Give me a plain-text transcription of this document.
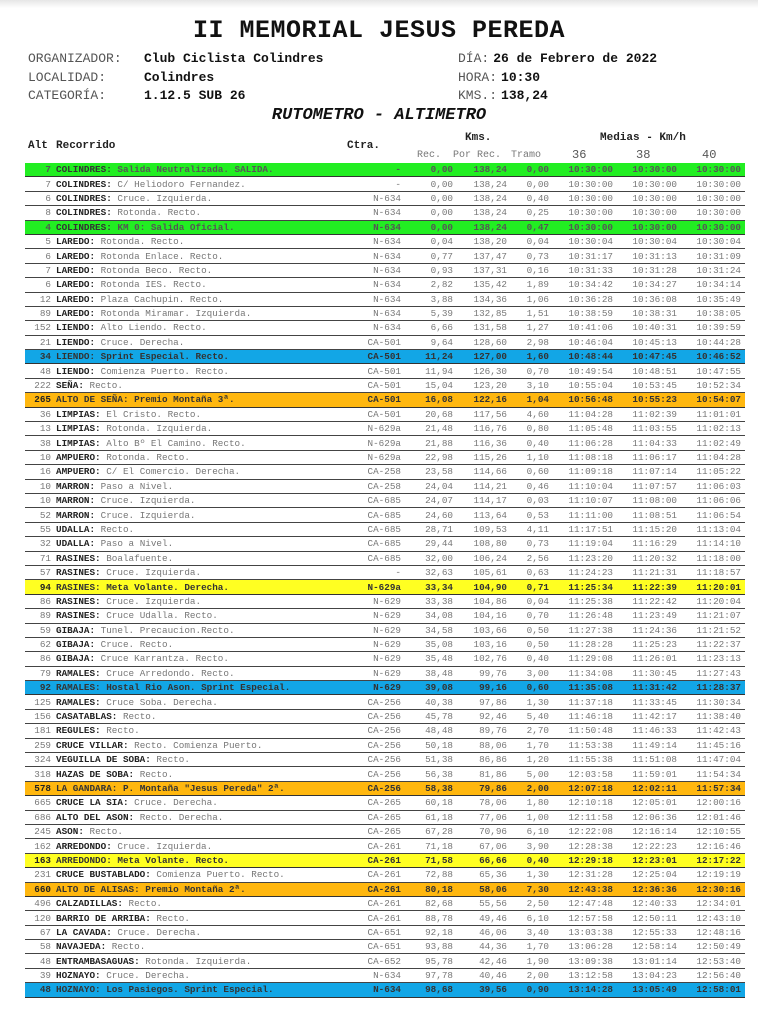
II MEMORIAL JESUS PEREDA
ORGANIZADOR:	Club Ciclista Colindres
LOCALIDAD:	Colindres
CATEGORÍA:	1.12.5 SUB 26
DÍA: 26 de Febrero de 2022
HORA: 10:30
KMS.: 138,24
RUTOMETRO - ALTIMETRO
Alt Recorrido	Ctra.
Kms.	Medias - Km/h
Rec. Por Rec. Tramo	36	38	40
7	COLINDRES: Salida Neutralizada. SALIDA.	-	0,00	138,24	0,00	10:30:00	10:30:00	10:30:00
7	COLINDRES: C/ Heliodoro Fernandez.	-	0,00	138,24	0,00	10:30:00	10:30:00	10:30:00
6	COLINDRES: Cruce. Izquierda.	N-634	0,00	138,24	0,40	10:30:00	10:30:00	10:30:00
8	COLINDRES: Rotonda. Recto.	N-634	0,00	138,24	0,25	10:30:00	10:30:00	10:30:00
4	COLINDRES: KM 0: Salida Oficial.	N-634	0,00	138,24	0,47	10:30:00	10:30:00	10:30:00
5	LAREDO: Rotonda. Recto.	N-634	0,04	138,20	0,04	10:30:04	10:30:04	10:30:04
6	LAREDO: Rotonda Enlace. Recto.	N-634	0,77	137,47	0,73	10:31:17	10:31:13	10:31:09
7	LAREDO: Rotonda Beco. Recto.	N-634	0,93	137,31	0,16	10:31:33	10:31:28	10:31:24
6	LAREDO: Rotonda IES. Recto.	N-634	2,82	135,42	1,89	10:34:42	10:34:27	10:34:14
12	LAREDO: Plaza Cachupin. Recto.	N-634	3,88	134,36	1,06	10:36:28	10:36:08	10:35:49
89	LAREDO: Rotonda Miramar. Izquierda.	N-634	5,39	132,85	1,51	10:38:59	10:38:31	10:38:05
152	LIENDO: Alto Liendo. Recto.	N-634	6,66	131,58	1,27	10:41:06	10:40:31	10:39:59
21	LIENDO: Cruce. Derecha.	CA-501	9,64	128,60	2,98	10:46:04	10:45:13	10:44:28
34	LIENDO: Sprint Especial. Recto.	CA-501	11,24	127,00	1,60	10:48:44	10:47:45	10:46:52
48	LIENDO: Comienza Puerto. Recto.	CA-501	11,94	126,30	0,70	10:49:54	10:48:51	10:47:55
222	SEÑA: Recto.	CA-501	15,04	123,20	3,10	10:55:04	10:53:45	10:52:34
265	ALTO DE SEÑA: Premio Montaña 3ª.	CA-501	16,08	122,16	1,04	10:56:48	10:55:23	10:54:07
36	LIMPIAS: El Cristo. Recto.	CA-501	20,68	117,56	4,60	11:04:28	11:02:39	11:01:01
13	LIMPIAS: Rotonda. Izquierda.	N-629a	21,48	116,76	0,80	11:05:48	11:03:55	11:02:13
38	LIMPIAS: Alto Bº El Camino. Recto.	N-629a	21,88	116,36	0,40	11:06:28	11:04:33	11:02:49
10	AMPUERO: Rotonda. Recto.	N-629a	22,98	115,26	1,10	11:08:18	11:06:17	11:04:28
16	AMPUERO: C/ El Comercio. Derecha.	CA-258	23,58	114,66	0,60	11:09:18	11:07:14	11:05:22
10	MARRON: Paso a Nivel.	CA-258	24,04	114,21	0,46	11:10:04	11:07:57	11:06:03
10	MARRON: Cruce. Izquierda.	CA-685	24,07	114,17	0,03	11:10:07	11:08:00	11:06:06
52	MARRON: Cruce. Izquierda.	CA-685	24,60	113,64	0,53	11:11:00	11:08:51	11:06:54
55	UDALLA: Recto.	CA-685	28,71	109,53	4,11	11:17:51	11:15:20	11:13:04
32	UDALLA: Paso a Nivel.	CA-685	29,44	108,80	0,73	11:19:04	11:16:29	11:14:10
71	RASINES: Boalafuente.	CA-685	32,00	106,24	2,56	11:23:20	11:20:32	11:18:00
57	RASINES: Cruce. Izquierda.	-	32,63	105,61	0,63	11:24:23	11:21:31	11:18:57
94	RASINES: Meta Volante. Derecha.	N-629a	33,34	104,90	0,71	11:25:34	11:22:39	11:20:01
86	RASINES: Cruce. Izquierda.	N-629	33,38	104,86	0,04	11:25:38	11:22:42	11:20:04
89	RASINES: Cruce Udalla. Recto.	N-629	34,08	104,16	0,70	11:26:48	11:23:49	11:21:07
59	GIBAJA: Tunel. Precaucion.Recto.	N-629	34,58	103,66	0,50	11:27:38	11:24:36	11:21:52
62	GIBAJA: Cruce. Recto.	N-629	35,08	103,16	0,50	11:28:28	11:25:23	11:22:37
86	GIBAJA: Cruce Karrantza. Recto.	N-629	35,48	102,76	0,40	11:29:08	11:26:01	11:23:13
79	RAMALES: Cruce Arredondo. Recto.	N-629	38,48	99,76	3,00	11:34:08	11:30:45	11:27:43
92	RAMALES: Hostal Rio Ason. Sprint Especial.	N-629	39,08	99,16	0,60	11:35:08	11:31:42	11:28:37
125	RAMALES: Cruce Soba. Derecha.	CA-256	40,38	97,86	1,30	11:37:18	11:33:45	11:30:34
156	CASATABLAS: Recto.	CA-256	45,78	92,46	5,40	11:46:18	11:42:17	11:38:40
181	REGULES: Recto.	CA-256	48,48	89,76	2,70	11:50:48	11:46:33	11:42:43
259	CRUCE VILLAR: Recto. Comienza Puerto.	CA-256	50,18	88,06	1,70	11:53:38	11:49:14	11:45:16
324	VEGUILLA DE SOBA: Recto.	CA-256	51,38	86,86	1,20	11:55:38	11:51:08	11:47:04
318	HAZAS DE SOBA: Recto.	CA-256	56,38	81,86	5,00	12:03:58	11:59:01	11:54:34
578	LA GANDARA: P. Montaña "Jesus Pereda" 2ª.	CA-256	58,38	79,86	2,00	12:07:18	12:02:11	11:57:34
665	CRUCE LA SIA: Cruce. Derecha.	CA-265	60,18	78,06	1,80	12:10:18	12:05:01	12:00:16
686	ALTO DEL ASON: Recto. Derecha.	CA-265	61,18	77,06	1,00	12:11:58	12:06:36	12:01:46
245	ASON: Recto.	CA-265	67,28	70,96	6,10	12:22:08	12:16:14	12:10:55
162	ARREDONDO: Cruce. Izquierda.	CA-261	71,18	67,06	3,90	12:28:38	12:22:23	12:16:46
163	ARREDONDO: Meta Volante. Recto.	CA-261	71,58	66,66	0,40	12:29:18	12:23:01	12:17:22
231	CRUCE BUSTABLADO: Comienza Puerto. Recto.	CA-261	72,88	65,36	1,30	12:31:28	12:25:04	12:19:19
660	ALTO DE ALISAS: Premio Montaña 2ª.	CA-261	80,18	58,06	7,30	12:43:38	12:36:36	12:30:16
496	CALZADILLAS: Recto.	CA-261	82,68	55,56	2,50	12:47:48	12:40:33	12:34:01
120	BARRIO DE ARRIBA: Recto.	CA-261	88,78	49,46	6,10	12:57:58	12:50:11	12:43:10
67	LA CAVADA: Cruce. Derecha.	CA-651	92,18	46,06	3,40	13:03:38	12:55:33	12:48:16
58	NAVAJEDA: Recto.	CA-651	93,88	44,36	1,70	13:06:28	12:58:14	12:50:49
48	ENTRAMBASAGUAS: Rotonda. Izquierda.	CA-652	95,78	42,46	1,90	13:09:38	13:01:14	12:53:40
39	HOZNAYO: Cruce. Derecha.	N-634	97,78	40,46	2,00	13:12:58	13:04:23	12:56:40
48	HOZNAYO: Los Pasiegos. Sprint Especial.	N-634	98,68	39,56	0,90	13:14:28	13:05:49	12:58:01
